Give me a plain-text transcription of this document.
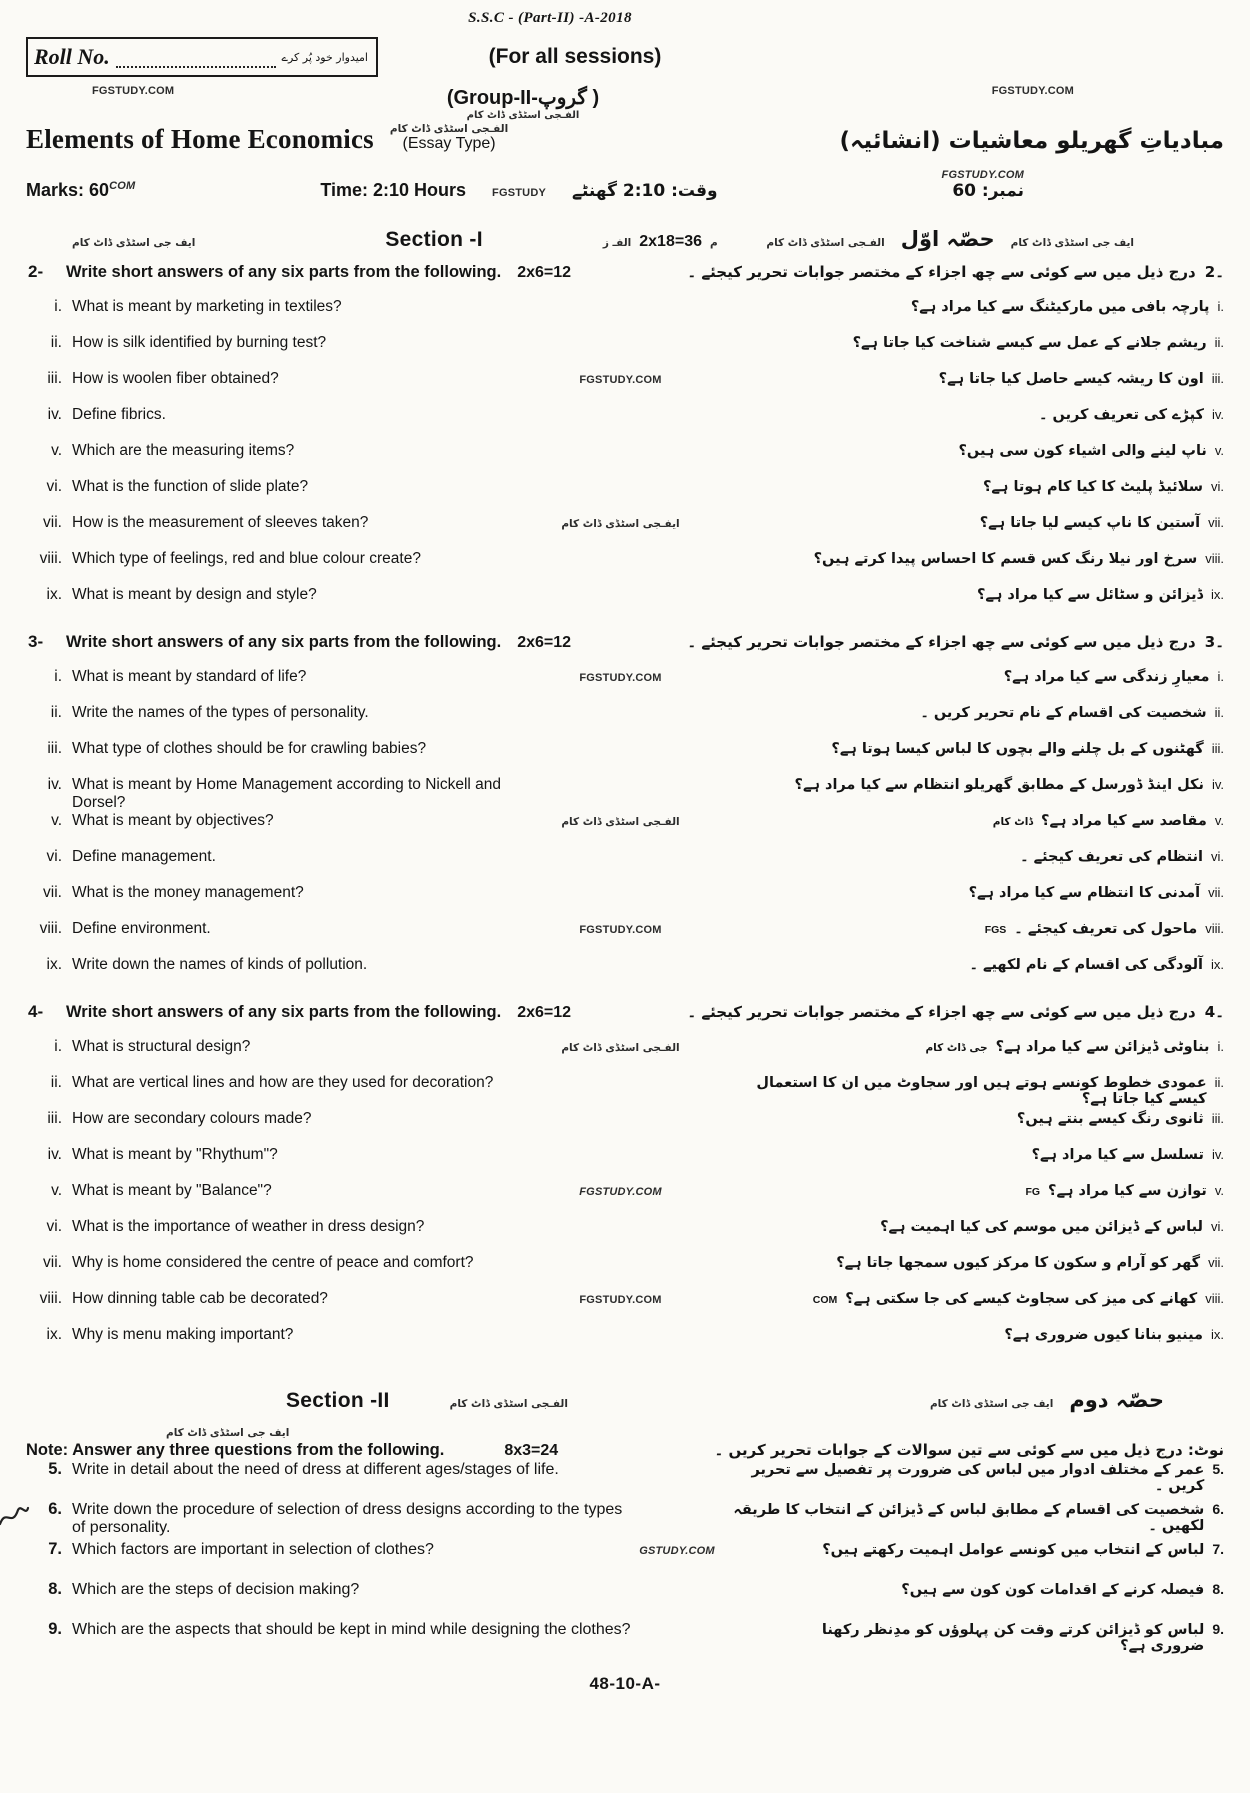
S.S.C - (Part-II) -A-2018
Roll No.	امیدوار خود پُر کرے	(For all sessions)
FGSTUDY.COM	(Group-II-گروپ )
الفـجی اسٹڈی ڈاٹ کام
FGSTUDY.COM
Elements of Home Economics الفـجی اسٹڈی ڈاٹ کام
(Essay Type)	مبادیاتِ گھریلو معاشیات (انشائیہ)
Marks: $60^{COM}$	Time: 2:10 Hours FGSTUDY وقت: 2:10 گھنٹے
FGSTUDY.COM
نمبر: 60
ایف جی اسٹڈی ڈاٹ کام	Section -I	الفـ ز 2x18=36 م	الفـجی اسٹڈی ڈاٹ کام حصّہ اوّل ایف جی اسٹڈی ڈاٹ کام
2-	Write short answers of any six parts from the following. 2x6=12	۔2
درج ذیل میں سے کوئی سے چھ اجزاء کے مختصر جوابات تحریر کیجئے ۔
i. What is meant by marketing in textiles?	i.
پارچہ بافی میں مارکیٹنگ سے کیا مراد ہے؟
ii. How is silk identified by burning test?	ii.
ریشم جلانے کے عمل سے کیسے شناخت کیا جاتا ہے؟
iii. How is woolen fiber obtained?	FGSTUDY.COM	iii.
اون کا ریشہ کیسے حاصل کیا جاتا ہے؟
iv. Define fibrics.	iv.
کپڑے کی تعریف کریں ۔
v. Which are the measuring items?	v.
ناپ لینے والی اشیاء کون سی ہیں؟
vi. What is the function of slide plate?	vi.
سلائیڈ پلیٹ کا کیا کام ہوتا ہے؟
vii. How is the measurement of sleeves taken?	ایفـجی اسٹڈی ڈاٹ کام	vii.
آستین کا ناپ کیسے لیا جاتا ہے؟
viii. Which type of feelings, red and blue colour create?	viii.
سرخ اور نیلا رنگ کس قسم کا احساس پیدا کرتے ہیں؟
ix. What is meant by design and style?	ix.
ڈیزائن و سٹائل سے کیا مراد ہے؟
3-	Write short answers of any six parts from the following. 2x6=12	۔3
درج ذیل میں سے کوئی سے چھ اجزاء کے مختصر جوابات تحریر کیجئے ۔
i. What is meant by standard of life?	FGSTUDY.COM	i.
معیارِ زندگی سے کیا مراد ہے؟
ii. Write the names of the types of personality.	ii.
شخصیت کی اقسام کے نام تحریر کریں ۔
iii. What type of clothes should be for crawling babies?	iii.
گھٹنوں کے بل چلنے والے بچوں کا لباس کیسا ہوتا ہے؟
iv. What is meant by Home Management according to Nickell and Dorsel?
iv.
نکل اینڈ ڈورسل کے مطابق گھریلو انتظام سے کیا مراد ہے؟
v. What is meant by objectives?	الفـجی اسٹڈی ڈاٹ کام	v.
مقاصد سے کیا مراد ہے؟
ڈاٹ کام
vi. Define management.	vi.
انتظام کی تعریف کیجئے ۔
vii. What is the money management?	vii.
آمدنی کا انتظام سے کیا مراد ہے؟
viii. Define environment.	FGSTUDY.COM	viii.
ماحول کی تعریف کیجئے ۔
FGS
ix. Write down the names of kinds of pollution.	ix.
آلودگی کی اقسام کے نام لکھیے ۔
4-	Write short answers of any six parts from the following. 2x6=12	۔4
درج ذیل میں سے کوئی سے چھ اجزاء کے مختصر جوابات تحریر کیجئے ۔
i. What is structural design?	الفـجی اسٹڈی ڈاٹ کام	i.
بناوٹی ڈیزائن سے کیا مراد ہے؟
جی ڈاٹ کام
ii. What are vertical lines and how are they used for decoration?	ii.
عمودی خطوط کونسے ہوتے ہیں اور سجاوٹ میں ان کا استعمال کیسے کیا جاتا ہے؟
iii. How are secondary colours made?	iii.
ثانوی رنگ کیسے بنتے ہیں؟
iv. What is meant by "Rhythum"?	iv.
تسلسل سے کیا مراد ہے؟
v. What is meant by "Balance"?	FGSTUDY.COM	v.
توازن سے کیا مراد ہے؟
FG
vi. What is the importance of weather in dress design?	vi.
لباس کے ڈیزائن میں موسم کی کیا اہمیت ہے؟
vii. Why is home considered the centre of peace and comfort?	vii.
گھر کو آرام و سکون کا مرکز کیوں سمجھا جاتا ہے؟
viii. How dinning table cab be decorated?	FGSTUDY.COM	viii.
کھانے کی میز کی سجاوٹ کیسے کی جا سکتی ہے؟
COM
ix. Why is menu making important?	ix.
مینیو بنانا کیوں ضروری ہے؟
Section -II	الفـجی اسٹڈی ڈاٹ کام	ایف جی اسٹڈی ڈاٹ کام حصّہ دوم
ایف جی اسٹڈی ڈاٹ کام
Note: Answer any three questions from the following.	8x3=24	نوٹ: درج ذیل میں سے کوئی سے تین سوالات کے جوابات تحریر کریں ۔
5. Write in detail about the need of dress at different ages/stages of life.	5.
عمر کے مختلف ادوار میں لباس کی ضرورت پر تفصیل سے تحریر کریں ۔
6. Write down the procedure of selection of dress designs according to the types of personality.
6.
شخصیت کی اقسام کے مطابق لباس کے ڈیزائن کے انتخاب کا طریقہ لکھیں ۔
7. Which factors are important in selection of clothes?	GSTUDY.COM	7.
لباس کے انتخاب میں کونسے عوامل اہمیت رکھتے ہیں؟
8. Which are the steps of decision making?	8.
فیصلہ کرنے کے اقدامات کون کون سے ہیں؟
9. Which are the aspects that should be kept in mind while designing the clothes?	9.
لباس کو ڈیزائن کرتے وقت کن پہلوؤں کو مدِنظر رکھنا ضروری ہے؟
48-10-A-
